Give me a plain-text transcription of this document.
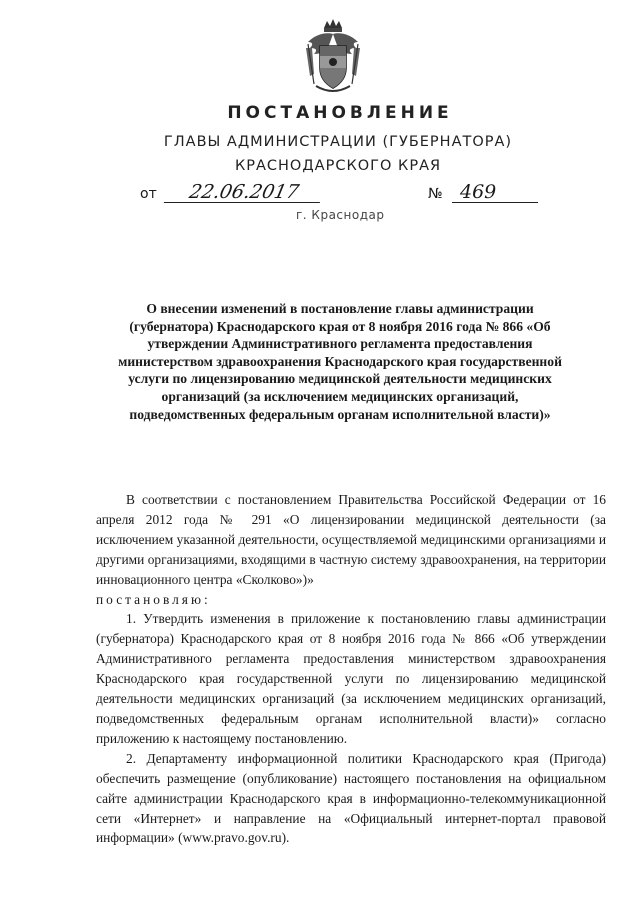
ПОСТАНОВЛЕНИЕ
ГЛАВЫ АДМИНИСТРАЦИИ (ГУБЕРНАТОРА)
КРАСНОДАРСКОГО КРАЯ
от	22.06.2017	№ 469
г. Краснодар
О внесении изменений в постановление главы администрации (губернатора) Краснодарского края от 8 ноября 2016 года № 866 «Об утверждении Административного регламента предоставления министерством здравоохранения Краснодарского края государственной услуги по лицензированию медицинской деятельности медицинских организаций (за исключением медицинских организаций, подведомственных федеральным органам исполнительной власти)»

В соответствии с постановлением Правительства Российской Федерации от 16 апреля 2012 года № 291 «О лицензировании медицинской деятельности (за исключением указанной деятельности, осуществляемой медицинскими организациями и другими организациями, входящими в частную систему здравоохранения, на территории инновационного центра «Сколково»)»

постановляю:

1. Утвердить изменения в приложение к постановлению главы администрации (губернатора) Краснодарского края от 8 ноября 2016 года № 866 «Об утверждении Административного регламента предоставления министерством здравоохранения Краснодарского края государственной услуги по лицензированию медицинской деятельности медицинских организаций (за исключением медицинских организаций, подведомственных федеральным органам исполнительной власти)» согласно приложению к настоящему постановлению.

2. Департаменту информационной политики Краснодарского края (Пригода) обеспечить размещение (опубликование) настоящего постановления на официальном сайте администрации Краснодарского края в информационно-телекоммуникационной сети «Интернет» и направление на «Официальный интернет-портал правовой информации» (www.pravo.gov.ru).
